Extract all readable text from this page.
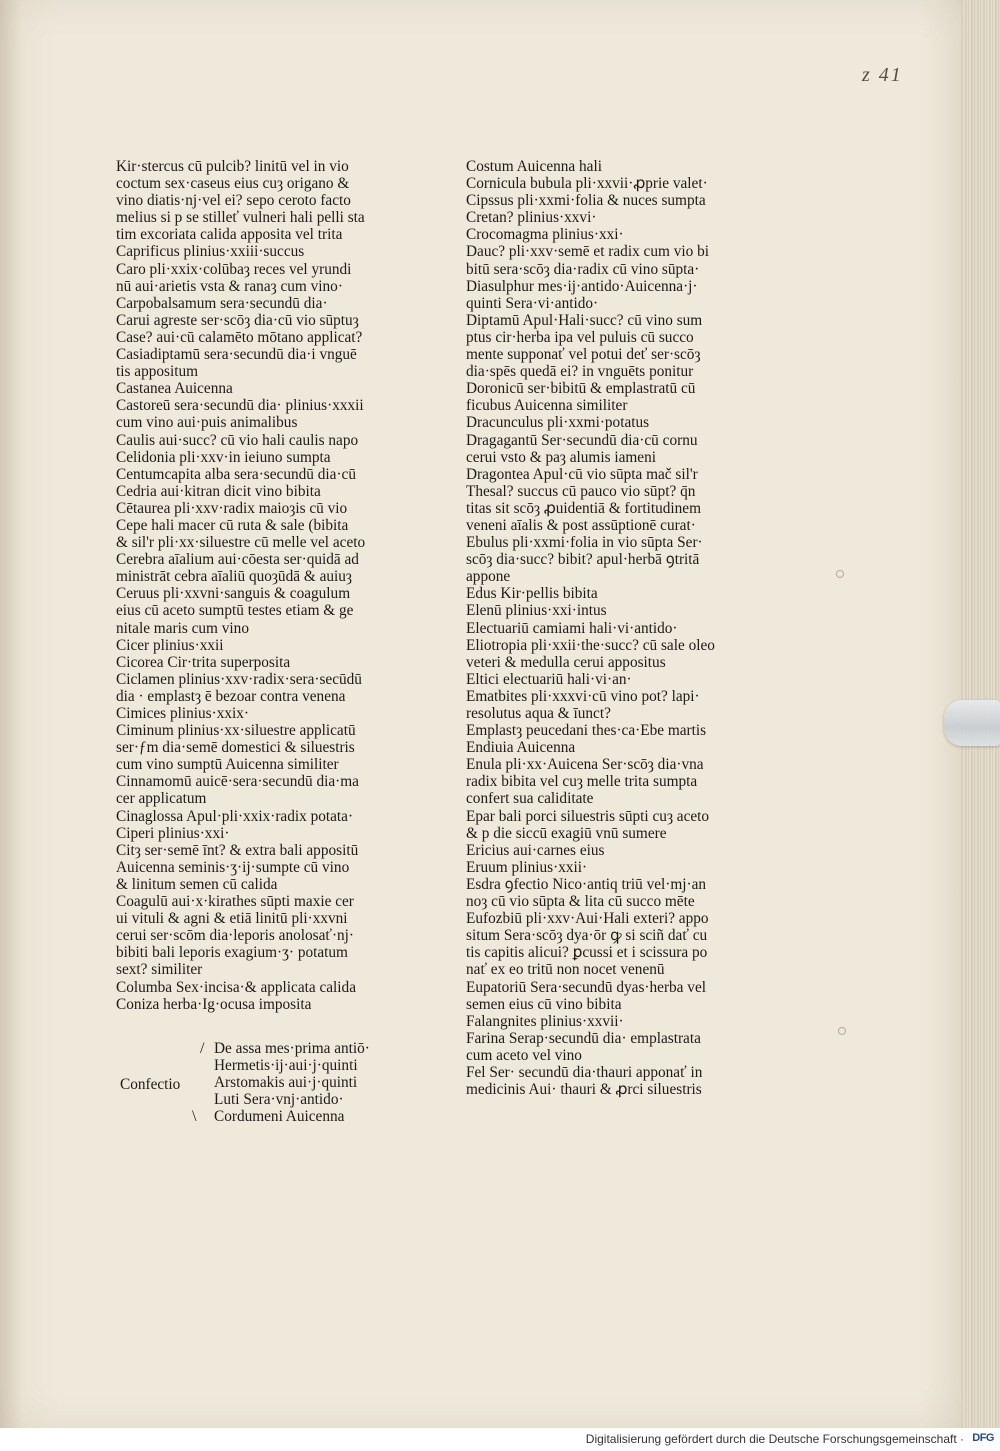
z 41
Kir·stercus cū pulcib? linitū vel in vio
coctum sex·caseus eius cuȝ origano &
vino diatis·nj·vel ei? sepo ceroto facto
melius si p se stilleť vulneri hali pelli sta
tim excoriata calida apposita vel trita
Caprificus plinius·xxiii·succus
Caro pli·xxix·colūbaȝ reces vel yrundi
nū aui·arietis vsta & ranaȝ cum vino·
Carpobalsamum sera·secundū dia·
Carui agreste ser·scōȝ dia·cū vio sūptuȝ
Case? aui·cū calamēto mōtano applicat?
Casiadiptamū sera·secundū dia·i vnguē
tis appositum
Castanea Auicenna
Castoreū sera·secundū dia· plinius·xxxii
cum vino aui·puis animalibus
Caulis aui·succ? cū vio hali caulis napo
Celidonia pli·xxv·in ieiuno sumpta
Centumcapita alba sera·secundū dia·cū
Cedria aui·kitran dicit vino bibita
Cētaurea pli·xxv·radix maioȝis cū vio
Cepe hali macer cū ruta & sale (bibita
& sil'r pli·xx·siluestre cū melle vel aceto
Cerebra aīalium aui·cōesta ser·quidā ad
ministrāt cebra aīaliū quoȝūdā & auiuȝ
Ceruus pli·xxvni·sanguis & coagulum
eius cū aceto sumptū testes etiam & ge
nitale maris cum vino
Cicer plinius·xxii
Cicorea Cir·trita superposita
Ciclamen plinius·xxv·radix·sera·secūdū
dia · emplastȝ ē bezoar contra venena
Cimices plinius·xxix·
Ciminum plinius·xx·siluestre applicatū
ser·ƒm dia·semē domestici & siluestris
cum vino sumptū Auicenna similiter
Cinnamomū auicē·sera·secundū dia·ma
cer applicatum
Cinaglossa Apul·pli·xxix·radix potata·
Ciperi plinius·xxi·
Citȝ ser·semē īnt? & extra bali appositū
Auicenna seminis·ʒ·ij·sumpte cū vino
& linitum semen cū calida
Coagulū aui·x·kirathes sūpti maxie cer
ui vituli & agni & etiā linitū pli·xxvni
cerui ser·scōm dia·leporis anolosať·nj·
bibiti bali leporis exagium·ʒ· potatum
sext? similiter
Columba Sex·incisa·& applicata calida
Coniza herba·Ig·ocusa imposita
Costum Auicenna hali
Cornicula bubula pli·xxvii·ꝓprie valet·
Cipssus pli·xxmi·folia & nuces sumpta
Cretan? plinius·xxvi·
Crocomagma plinius·xxi·
Dauc? pli·xxv·semē et radix cum vio bi
bitū sera·scōȝ dia·radix cū vino sūpta·
Diasulphur mes·ij·antido·Auicenna·j·
quinti Sera·vi·antido·
Diptamū Apul·Hali·succ? cū vino sum
ptus cir·herba ipa vel puluis cū succo
mente supponať vel potui deť ser·scōȝ
dia·spēs quedā ei? in vnguēts ponitur
Doronicū ser·bibitū & emplastratū cū
ficubus Auicenna similiter
Dracunculus pli·xxmi·potatus
Dragagantū Ser·secundū dia·cū cornu
cerui vsto & paȝ alumis iameni
Dragontea Apul·cū vio sūpta mač sil'r
Thesal? succus cū pauco vio sūpt? q̄n
titas sit scōȝ ꝓuidentiā & fortitudinem
veneni aīalis & post assūptionē curat·
Ebulus pli·xxmi·folia in vio sūpta Ser·
scōȝ dia·succ? bibit? apul·herbā ꝯtritā
appone
Edus Kir·pellis bibita
Elenū plinius·xxi·intus
Electuariū camiami hali·vi·antido·
Eliotropia pli·xxii·the·succ? cū sale oleo
veteri & medulla cerui appositus
Eltici electuariū hali·vi·an·
Ematbites pli·xxxvi·cū vino pot? lapi·
resolutus aqua & īunct?
Emplastȝ peucedani thes·ca·Ebe martis
Endiuia Auicenna
Enula pli·xx·Auicena Ser·scōȝ dia·vna
radix bibita vel cuȝ melle trita sumpta
confert sua caliditate
Epar bali porci siluestris sūpti cuȝ aceto
& p die siccū exagiū vnū sumere
Ericius aui·carnes eius
Eruum plinius·xxii·
Esdra ꝯfectio Nico·antiq triū vel·mj·an
noȝ cū vio sūpta & lita cū succo mēte
Eufozbiū pli·xxv·Aui·Hali exteri? appo
situm Sera·scōȝ dya·ōr ꝙ si sciñ dať cu
tis capitis alicui? ꝑcussi et i scissura po
nať ex eo tritū non nocet venenū
Eupatoriū Sera·secundū dyas·herba vel
semen eius cū vino bibita
Falangnites plinius·xxvii·
Farina Serap·secundū dia· emplastrata
cum aceto vel vino
Fel Ser· secundū dia·thauri apponať in
medicinis Aui· thauri & ꝓrci siluestris
Confectio
/
\
De assa mes·prima antiō·
Hermetis·ij·aui·j·quinti
Arstomakis aui·j·quinti
Luti Sera·vnj·antido·
Cordumeni Auicenna
Digitalisierung gefördert durch die Deutsche Forschungsgemeinschaft · DFG
